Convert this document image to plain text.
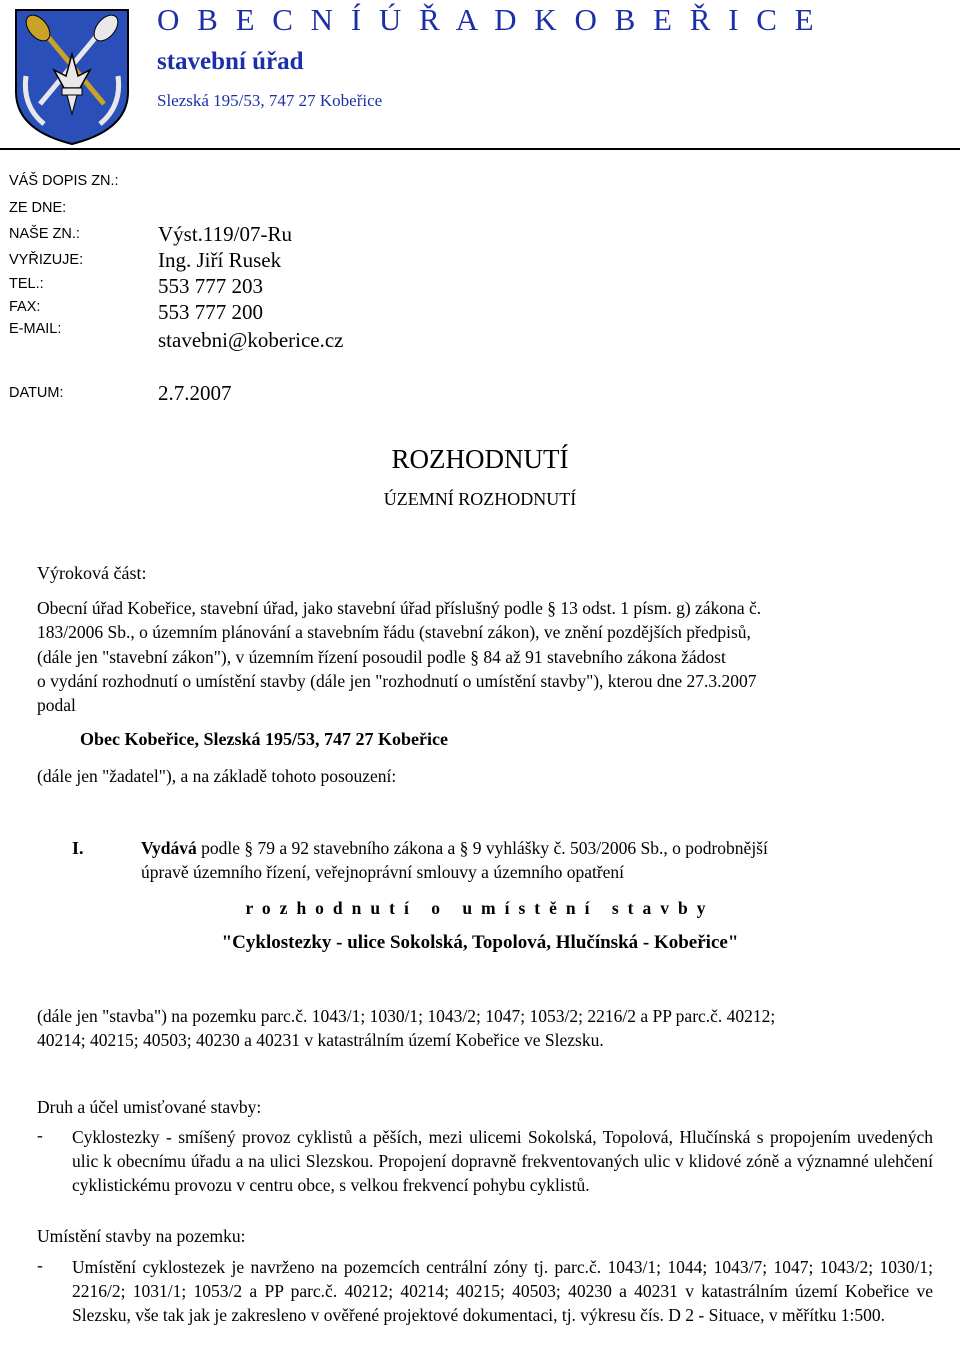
O B E C N Í Ú Ř A D K O B E Ř I C E
stavební úřad
Slezská 195/53, 747 27 Kobeřice
VÁŠ DOPIS ZN.:
ZE DNE:
NAŠE ZN.:	Výst.119/07-Ru
VYŘIZUJE:	Ing. Jiří Rusek
TEL.:	553 777 203
FAX:	553 777 200
E-MAIL:	stavebni@koberice.cz
DATUM:	2.7.2007
ROZHODNUTÍ
ÚZEMNÍ ROZHODNUTÍ
Výroková část:
Obecní úřad Kobeřice, stavební úřad, jako stavební úřad příslušný podle § 13 odst. 1 písm. g) zákona č.
183/2006 Sb., o územním plánování a stavebním řádu (stavební zákon), ve znění pozdějších předpisů,
(dále jen "stavební zákon"), v územním řízení posoudil podle § 84 až 91 stavebního zákona žádost
o vydání rozhodnutí o umístění stavby (dále jen "rozhodnutí o umístění stavby"), kterou dne 27.3.2007
podal
Obec Kobeřice, Slezská 195/53, 747 27 Kobeřice
(dále jen "žadatel"), a na základě tohoto posouzení:
I.	Vydává podle § 79 a 92 stavebního zákona a § 9 vyhlášky č. 503/2006 Sb., o podrobnější
úpravě územního řízení, veřejnoprávní smlouvy a územního opatření
rozhodnutí o umístění stavby
"Cyklostezky - ulice Sokolská, Topolová, Hlučínská - Kobeřice"
(dále jen "stavba") na pozemku parc.č. 1043/1; 1030/1; 1043/2; 1047; 1053/2; 2216/2 a PP parc.č. 40212;
40214; 40215; 40503; 40230 a 40231 v katastrálním území Kobeřice ve Slezsku.
Druh a účel umisťované stavby:
- Cyklostezky - smíšený provoz cyklistů a pěších, mezi ulicemi Sokolská, Topolová, Hlučínská s propojením uvedených ulic k obecnímu úřadu a na ulici Slezskou. Propojení dopravně frekventovaných ulic v klidové zóně a významné ulehčení cyklistickému provozu v centru obce, s velkou frekvencí pohybu cyklistů.
Umístění stavby na pozemku:
- Umístění cyklostezek je navrženo na pozemcích centrální zóny tj. parc.č. 1043/1; 1044; 1043/7; 1047; 1043/2; 1030/1; 2216/2; 1031/1; 1053/2 a PP parc.č. 40212; 40214; 40215; 40503; 40230 a 40231 v katastrálním území Kobeřice ve Slezsku, vše tak jak je zakresleno v ověřené projektové dokumentaci, tj. výkresu čís. D 2 - Situace, v měřítku 1:500.
